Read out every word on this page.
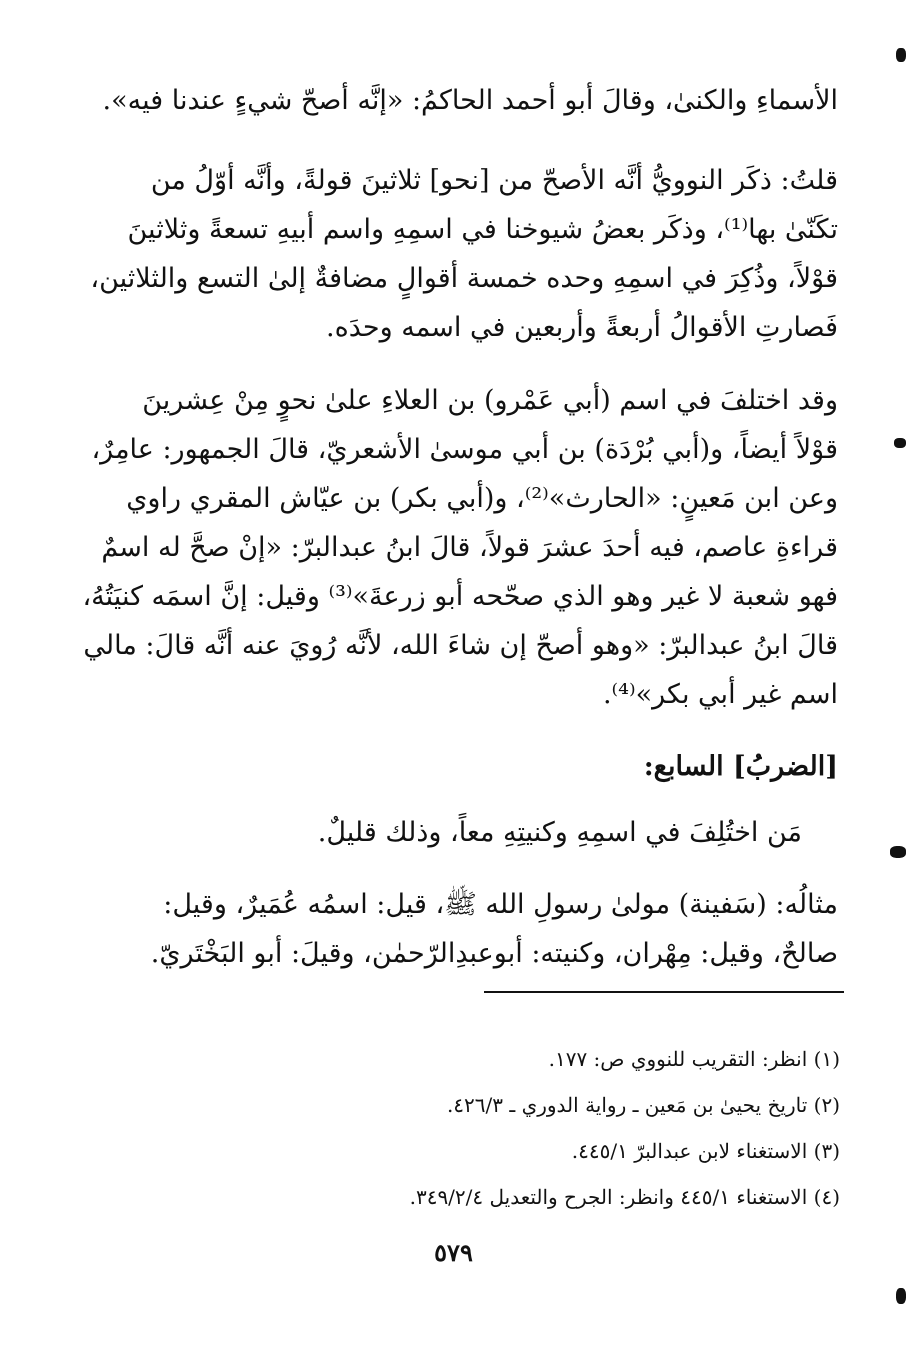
الأسماءِ والكنىٰ، وقالَ أبو أحمد الحاكمُ: «إنَّه أصحّ شيءٍ عندنا فيه».
قلتُ: ذكَر النوويُّ أنَّه الأصحّ من [نحو] ثلاثينَ قولةً، وأنَّه أوّلُ من
تكَنّىٰ بها⁽¹⁾، وذكَر بعضُ شيوخنا في اسمِهِ واسم أبيهِ تسعةً وثلاثينَ
قوْلاً، وذُكِرَ في اسمِهِ وحده خمسة أقوالٍ مضافةٌ إلىٰ التسع والثلاثين،
فَصارتِ الأقوالُ أربعةً وأربعين في اسمه وحدَه.
وقد اختلفَ في اسم (أبي عَمْرو) بن العلاءِ علىٰ نحوٍ مِنْ عِشرينَ
قوْلاً أيضاً، و(أبي بُرْدَة) بن أبي موسىٰ الأشعريّ، قالَ الجمهور: عامِرٌ،
وعن ابن مَعينٍ: «الحارث»⁽²⁾، و(أبي بكر) بن عيّاش المقري راوي
قراءةِ عاصم، فيه أحدَ عشرَ قولاً، قالَ ابنُ عبدالبرّ: «إنْ صحَّ له اسمٌ
فهو شعبة لا غير وهو الذي صحّحه أبو زرعةَ»⁽³⁾ وقيل: إنَّ اسمَه كنيَتُهُ،
قالَ ابنُ عبدالبرّ: «وهو أصحّ إن شاءَ الله، لأنَّه رُويَ عنه أنَّه قالَ: مالي
اسم غير أبي بكر»⁽⁴⁾.
[الضربُ] السابع:
مَن اختُلِفَ في اسمِهِ وكنيتِهِ معاً، وذلك قليلٌ.
مثالُه: (سَفينة) مولىٰ رسولِ الله ﷺ، قيل: اسمُه عُمَيرٌ، وقيل:
صالحٌ، وقيل: مِهْران، وكنيته: أبوعبدِالرّحمٰن، وقيلَ: أبو البَخْتَريّ.
(١) انظر: التقريب للنووي ص: ١٧٧.
(٢) تاريخ يحيىٰ بن مَعين ـ رواية الدوري ـ ٤٢٦/٣.
(٣) الاستغناء لابن عبدالبرّ ٤٤٥/١.
(٤) الاستغناء ٤٤٥/١ وانظر: الجرح والتعديل ٣٤٩/٢/٤.
٥٧٩
